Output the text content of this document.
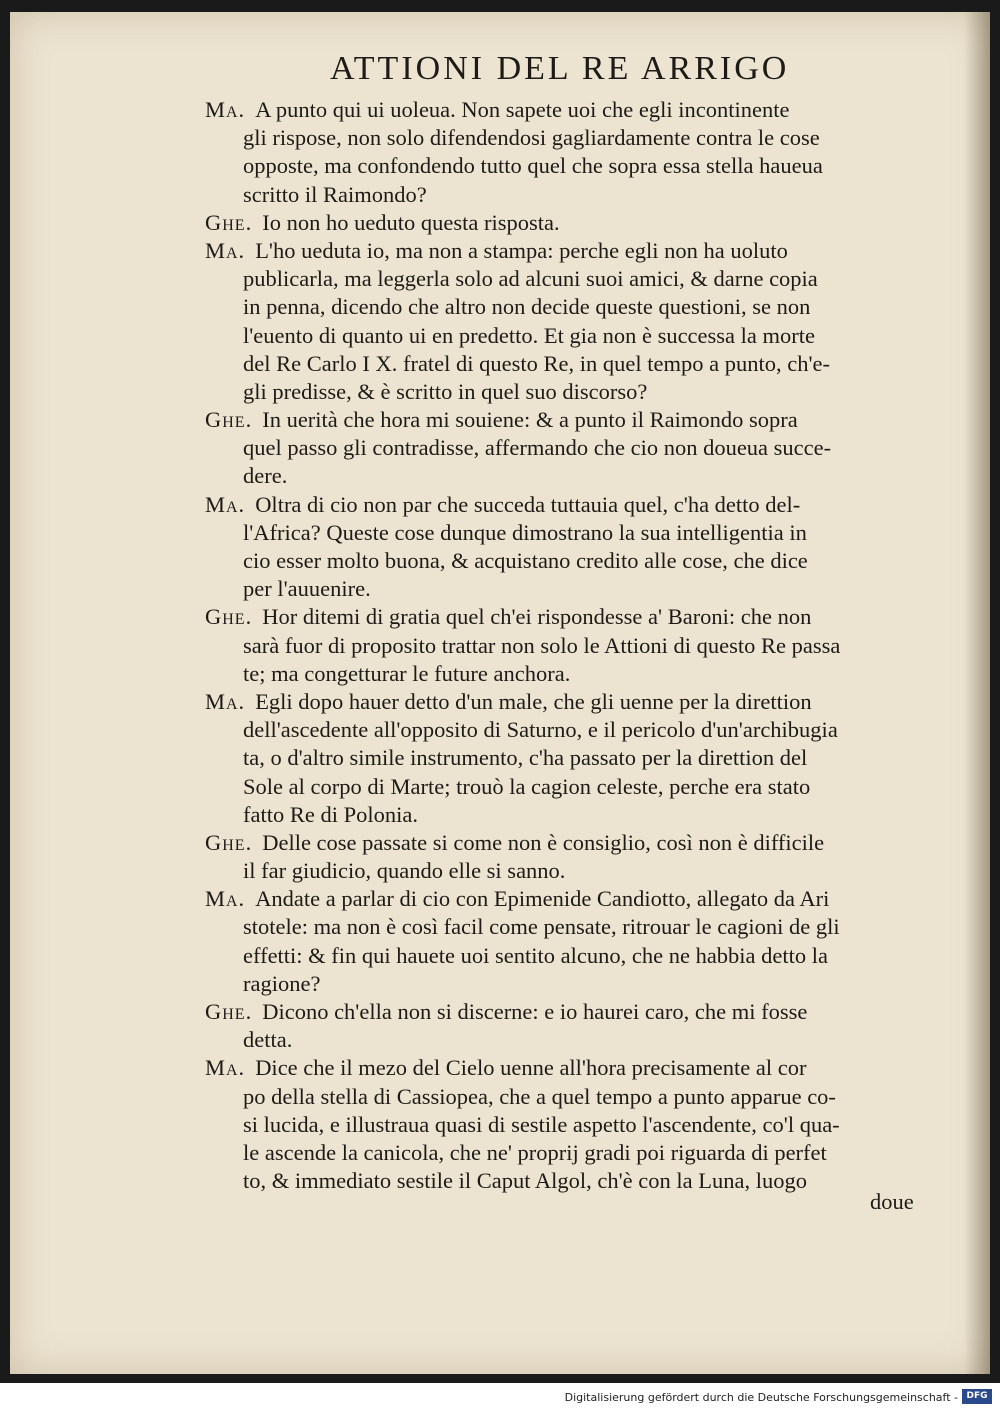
ATTIONI DEL RE ARRIGO
Ma. A punto qui ui uoleua. Non sapete uoi che egli incontinente
gli rispose, non solo difendendosi gagliardamente contra le cose
opposte, ma confondendo tutto quel che sopra essa stella haueua
scritto il Raimondo?
Ghe. Io non ho ueduto questa risposta.
Ma. L'ho ueduta io, ma non a stampa: perche egli non ha uoluto
publicarla, ma leggerla solo ad alcuni suoi amici, & darne copia
in penna, dicendo che altro non decide queste questioni, se non
l'euento di quanto ui en predetto. Et gia non è successa la morte
del Re Carlo I X. fratel di questo Re, in quel tempo a punto, ch'e-
gli predisse, & è scritto in quel suo discorso?
Ghe. In uerità che hora mi souiene: & a punto il Raimondo sopra
quel passo gli contradisse, affermando che cio non doueua succe-
dere.
Ma. Oltra di cio non par che succeda tuttauia quel, c'ha detto del-
l'Africa? Queste cose dunque dimostrano la sua intelligentia in
cio esser molto buona, & acquistano credito alle cose, che dice
per l'auuenire.
Ghe. Hor ditemi di gratia quel ch'ei rispondesse a' Baroni: che non
sarà fuor di proposito trattar non solo le Attioni di questo Re passa
te; ma congetturar le future anchora.
Ma. Egli dopo hauer detto d'un male, che gli uenne per la direttion
dell'ascedente all'opposito di Saturno, e il pericolo d'un'archibugia
ta, o d'altro simile instrumento, c'ha passato per la direttion del
Sole al corpo di Marte; trouò la cagion celeste, perche era stato
fatto Re di Polonia.
Ghe. Delle cose passate si come non è consiglio, così non è difficile
il far giudicio, quando elle si sanno.
Ma. Andate a parlar di cio con Epimenide Candiotto, allegato da Ari
stotele: ma non è così facil come pensate, ritrouar le cagioni de gli
effetti: & fin qui hauete uoi sentito alcuno, che ne habbia detto la
ragione?
Ghe. Dicono ch'ella non si discerne: e io haurei caro, che mi fosse
detta.
Ma. Dice che il mezo del Cielo uenne all'hora precisamente al cor
po della stella di Cassiopea, che a quel tempo a punto apparue co-
si lucida, e illustraua quasi di sestile aspetto l'ascendente, co'l qua-
le ascende la canicola, che ne' proprij gradi poi riguarda di perfet
to, & immediato sestile il Caput Algol, ch'è con la Luna, luogo
doue
Digitalisierung gefördert durch die Deutsche Forschungsgemeinschaft - DFG
